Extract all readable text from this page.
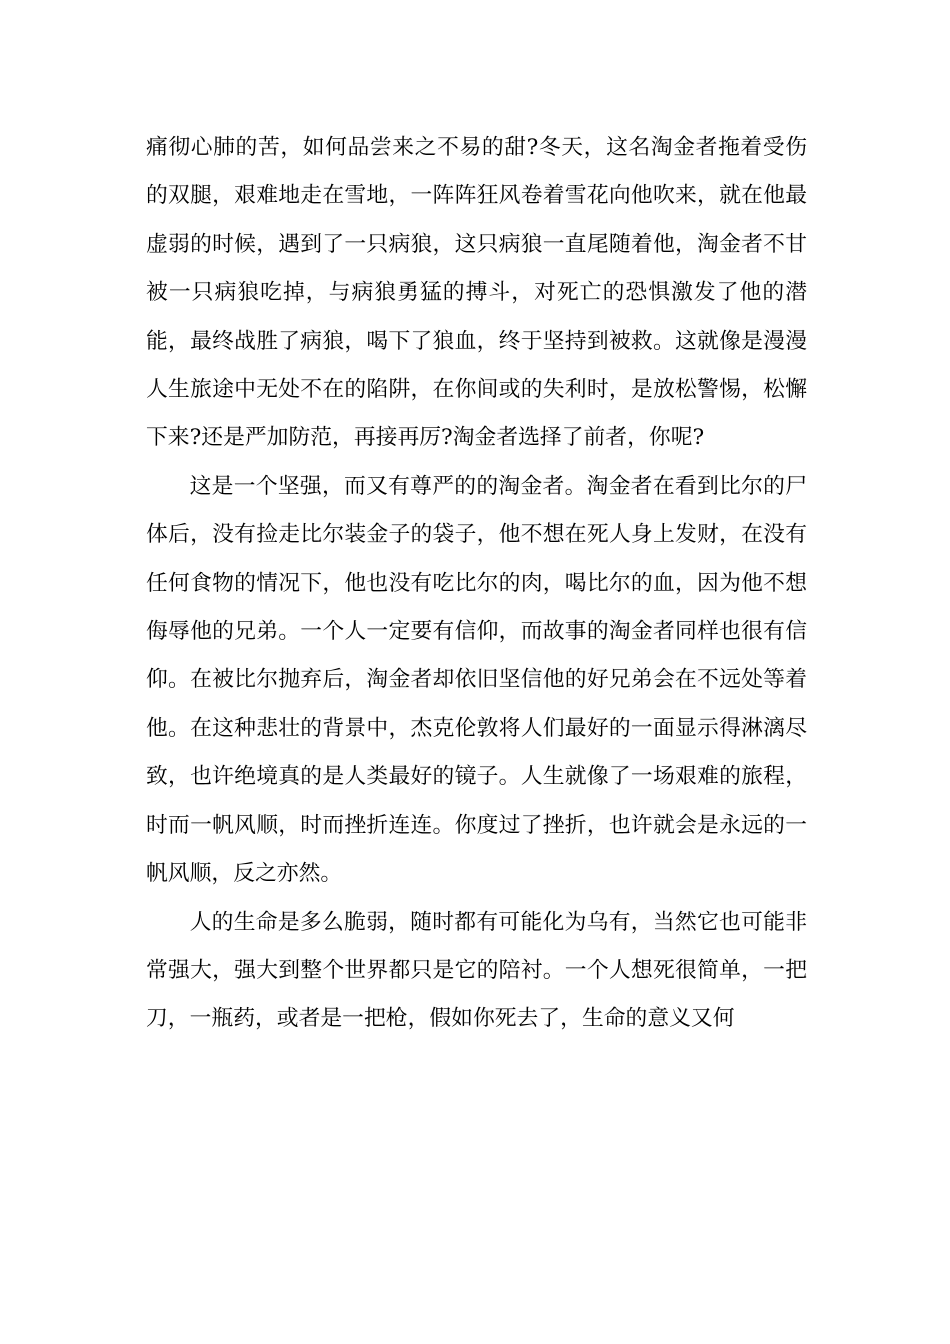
痛彻心肺的苦，如何品尝来之不易的甜?冬天，这名淘金者拖着受伤的双腿，艰难地走在雪地，一阵阵狂风卷着雪花向他吹来，就在他最虚弱的时候，遇到了一只病狼，这只病狼一直尾随着他，淘金者不甘被一只病狼吃掉，与病狼勇猛的搏斗，对死亡的恐惧激发了他的潜能，最终战胜了病狼，喝下了狼血，终于坚持到被救。这就像是漫漫人生旅途中无处不在的陷阱，在你间或的失利时，是放松警惕，松懈下来?还是严加防范，再接再厉?淘金者选择了前者，你呢?

这是一个坚强，而又有尊严的的淘金者。淘金者在看到比尔的尸体后，没有捡走比尔装金子的袋子，他不想在死人身上发财，在没有任何食物的情况下，他也没有吃比尔的肉，喝比尔的血，因为他不想侮辱他的兄弟。一个人一定要有信仰，而故事的淘金者同样也很有信仰。在被比尔抛弃后，淘金者却依旧坚信他的好兄弟会在不远处等着他。在这种悲壮的背景中，杰克伦敦将人们最好的一面显示得淋漓尽致，也许绝境真的是人类最好的镜子。人生就像了一场艰难的旅程，时而一帆风顺，时而挫折连连。你度过了挫折，也许就会是永远的一帆风顺，反之亦然。

人的生命是多么脆弱，随时都有可能化为乌有，当然它也可能非常强大，强大到整个世界都只是它的陪衬。一个人想死很简单，一把刀，一瓶药，或者是一把枪，假如你死去了，生命的意义又何
